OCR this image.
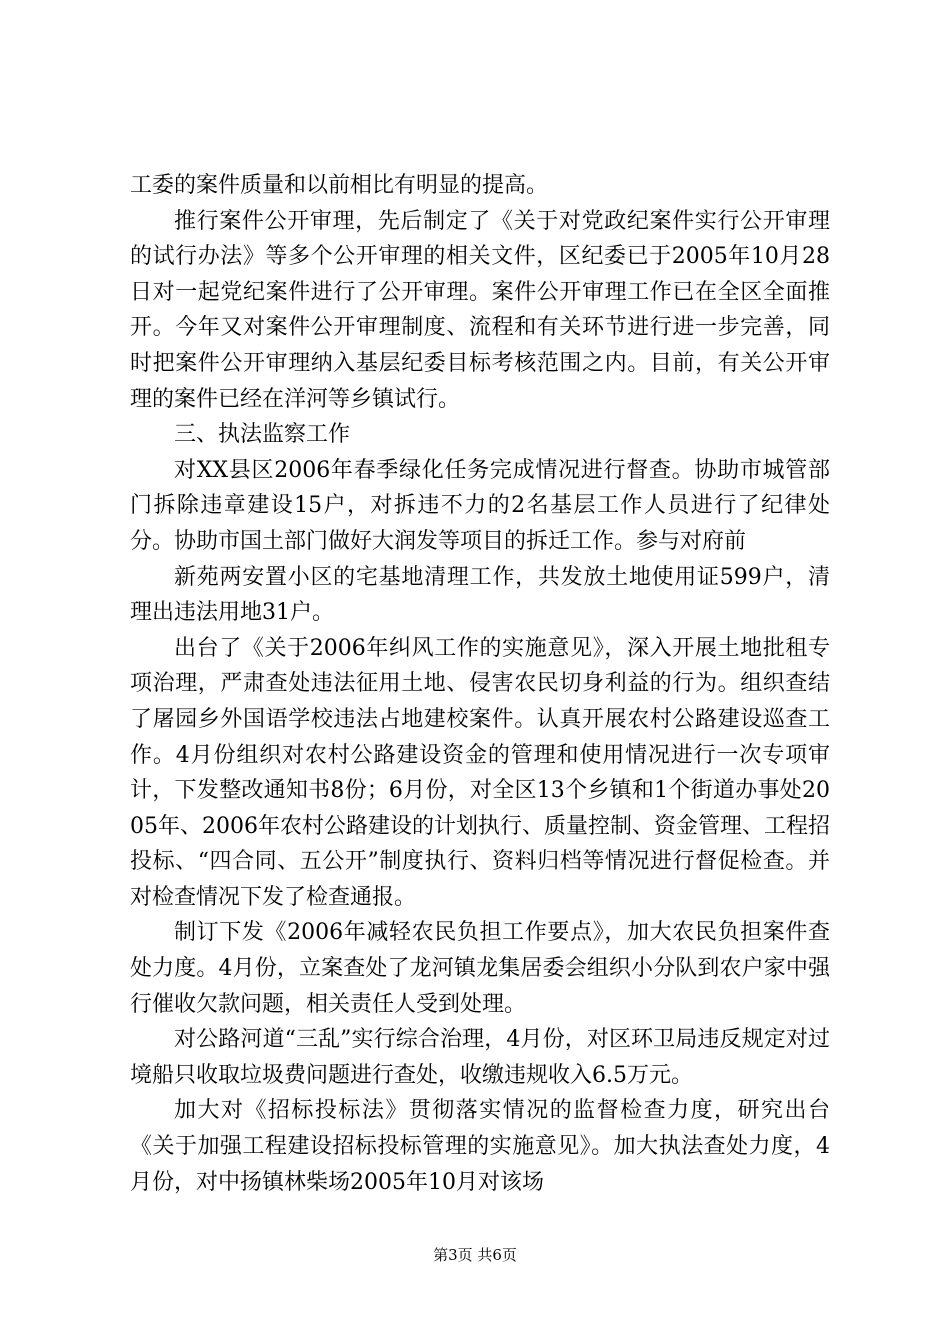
工委的案件质量和以前相比有明显的提高。

推行案件公开审理，先后制定了《关于对党政纪案件实行公开审理的试行办法》等多个公开审理的相关文件，区纪委已于2005年10月28日对一起党纪案件进行了公开审理。案件公开审理工作已在全区全面推开。今年又对案件公开审理制度、流程和有关环节进行进一步完善，同时把案件公开审理纳入基层纪委目标考核范围之内。目前，有关公开审理的案件已经在洋河等乡镇试行。

三、执法监察工作

对XX县区2006年春季绿化任务完成情况进行督查。协助市城管部门拆除违章建设15户，对拆违不力的2名基层工作人员进行了纪律处分。协助市国土部门做好大润发等项目的拆迁工作。参与对府前

新苑两安置小区的宅基地清理工作，共发放土地使用证599户，清理出违法用地31户。

出台了《关于2006年纠风工作的实施意见》，深入开展土地批租专项治理，严肃查处违法征用土地、侵害农民切身利益的行为。组织查结了屠园乡外国语学校违法占地建校案件。认真开展农村公路建设巡查工作。4月份组织对农村公路建设资金的管理和使用情况进行一次专项审计，下发整改通知书8份；6月份，对全区13个乡镇和1个街道办事处2005年、2006年农村公路建设的计划执行、质量控制、资金管理、工程招投标、“四合同、五公开”制度执行、资料归档等情况进行督促检查。并对检查情况下发了检查通报。

制订下发《2006年减轻农民负担工作要点》，加大农民负担案件查处力度。4月份，立案查处了龙河镇龙集居委会组织小分队到农户家中强行催收欠款问题，相关责任人受到处理。

对公路河道“三乱”实行综合治理，4月份，对区环卫局违反规定对过境船只收取垃圾费问题进行查处，收缴违规收入6.5万元。

加大对《招标投标法》贯彻落实情况的监督检查力度，研究出台《关于加强工程建设招标投标管理的实施意见》。加大执法查处力度，4月份，对中扬镇林柴场2005年10月对该场

第3页 共6页
